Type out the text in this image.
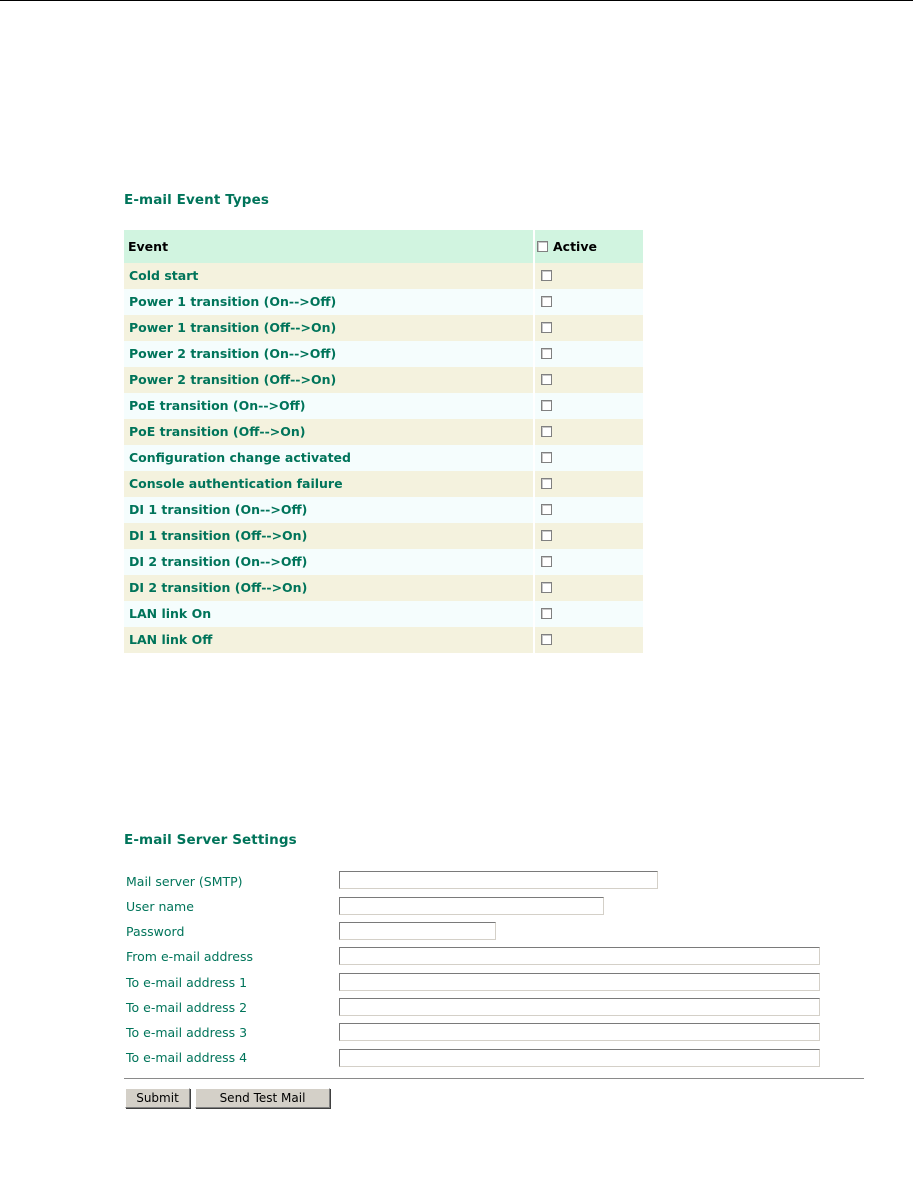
E-mail Event Types
Event	Active
Cold start
Power 1 transition (On-->Off)
Power 1 transition (Off-->On)
Power 2 transition (On-->Off)
Power 2 transition (Off-->On)
PoE transition (On-->Off)
PoE transition (Off-->On)
Configuration change activated
Console authentication failure
DI 1 transition (On-->Off)
DI 1 transition (Off-->On)
DI 2 transition (On-->Off)
DI 2 transition (Off-->On)
LAN link On
LAN link Off
E-mail Server Settings
Mail server (SMTP)
User name
Password
From e-mail address
To e-mail address 1
To e-mail address 2
To e-mail address 3
To e-mail address 4
Submit	Send Test Mail
